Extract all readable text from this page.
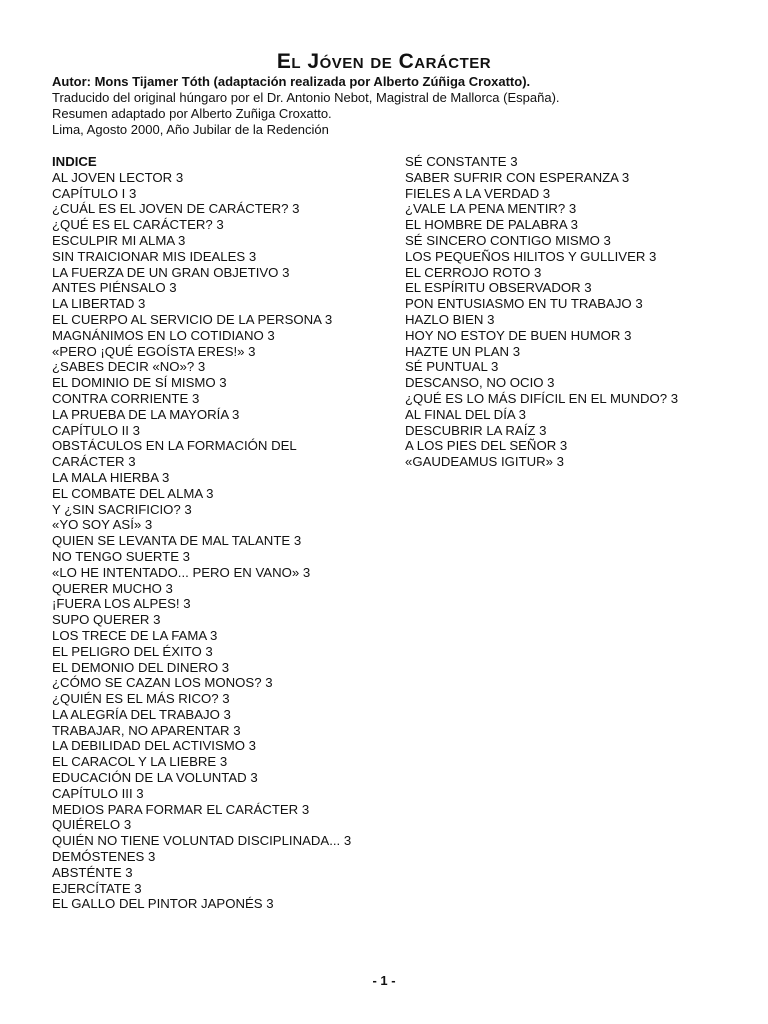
El Jóven de Carácter
Autor: Mons Tijamer Tóth (adaptación realizada por Alberto Zúñiga Croxatto).
Traducido del original húngaro por el Dr. Antonio Nebot, Magistral de Mallorca (España).
Resumen adaptado por Alberto Zuñiga Croxatto.
Lima, Agosto 2000, Año Jubilar de la Redención
INDICE
AL JOVEN LECTOR 3
CAPÍTULO I 3
¿CUÁL ES EL JOVEN DE CARÁCTER? 3
¿QUÉ ES EL CARÁCTER? 3
ESCULPIR MI ALMA 3
SIN TRAICIONAR MIS IDEALES 3
LA FUERZA DE UN GRAN OBJETIVO 3
ANTES PIÉNSALO 3
LA LIBERTAD 3
EL CUERPO AL SERVICIO DE LA PERSONA 3
MAGNÁNIMOS EN LO COTIDIANO 3
«PERO ¡QUÉ EGOÍSTA ERES!» 3
¿SABES DECIR «NO»? 3
EL DOMINIO DE SÍ MISMO 3
CONTRA CORRIENTE 3
LA PRUEBA DE LA MAYORÍA 3
CAPÍTULO II 3
OBSTÁCULOS EN LA FORMACIÓN DEL CARÁCTER 3
LA MALA HIERBA 3
EL COMBATE DEL ALMA 3
Y ¿SIN SACRIFICIO? 3
«YO SOY ASÍ» 3
QUIEN SE LEVANTA DE MAL TALANTE 3
NO TENGO SUERTE 3
«LO HE INTENTADO... PERO EN VANO» 3
QUERER MUCHO 3
¡FUERA LOS ALPES! 3
SUPO QUERER 3
LOS TRECE DE LA FAMA 3
EL PELIGRO DEL ÉXITO 3
EL DEMONIO DEL DINERO 3
¿CÓMO SE CAZAN LOS MONOS? 3
¿QUIÉN ES EL MÁS RICO? 3
LA ALEGRÍA DEL TRABAJO 3
TRABAJAR, NO APARENTAR 3
LA DEBILIDAD DEL ACTIVISMO 3
EL CARACOL Y LA LIEBRE 3
EDUCACIÓN DE LA VOLUNTAD 3
CAPÍTULO III 3
MEDIOS PARA FORMAR EL CARÁCTER 3
QUIÉRELO 3
QUIÉN NO TIENE VOLUNTAD DISCIPLINADA... 3
DEMÓSTENES 3
ABSTÉNTE 3
EJERCÍTATE 3
EL GALLO DEL PINTOR JAPONÉS 3
SÉ CONSTANTE 3
SABER SUFRIR CON ESPERANZA 3
FIELES A LA VERDAD 3
¿VALE LA PENA MENTIR? 3
EL HOMBRE DE PALABRA 3
SÉ SINCERO CONTIGO MISMO 3
LOS PEQUEÑOS HILITOS Y GULLIVER 3
EL CERROJO ROTO 3
EL ESPÍRITU OBSERVADOR 3
PON ENTUSIASMO EN TU TRABAJO 3
HAZLO BIEN 3
HOY NO ESTOY DE BUEN HUMOR 3
HAZTE UN PLAN 3
SÉ PUNTUAL 3
DESCANSO, NO OCIO 3
¿QUÉ ES LO MÁS DIFÍCIL EN EL MUNDO? 3
AL FINAL DEL DÍA 3
DESCUBRIR LA RAÍZ 3
A LOS PIES DEL SEÑOR 3
«GAUDEAMUS IGITUR» 3
- 1 -
